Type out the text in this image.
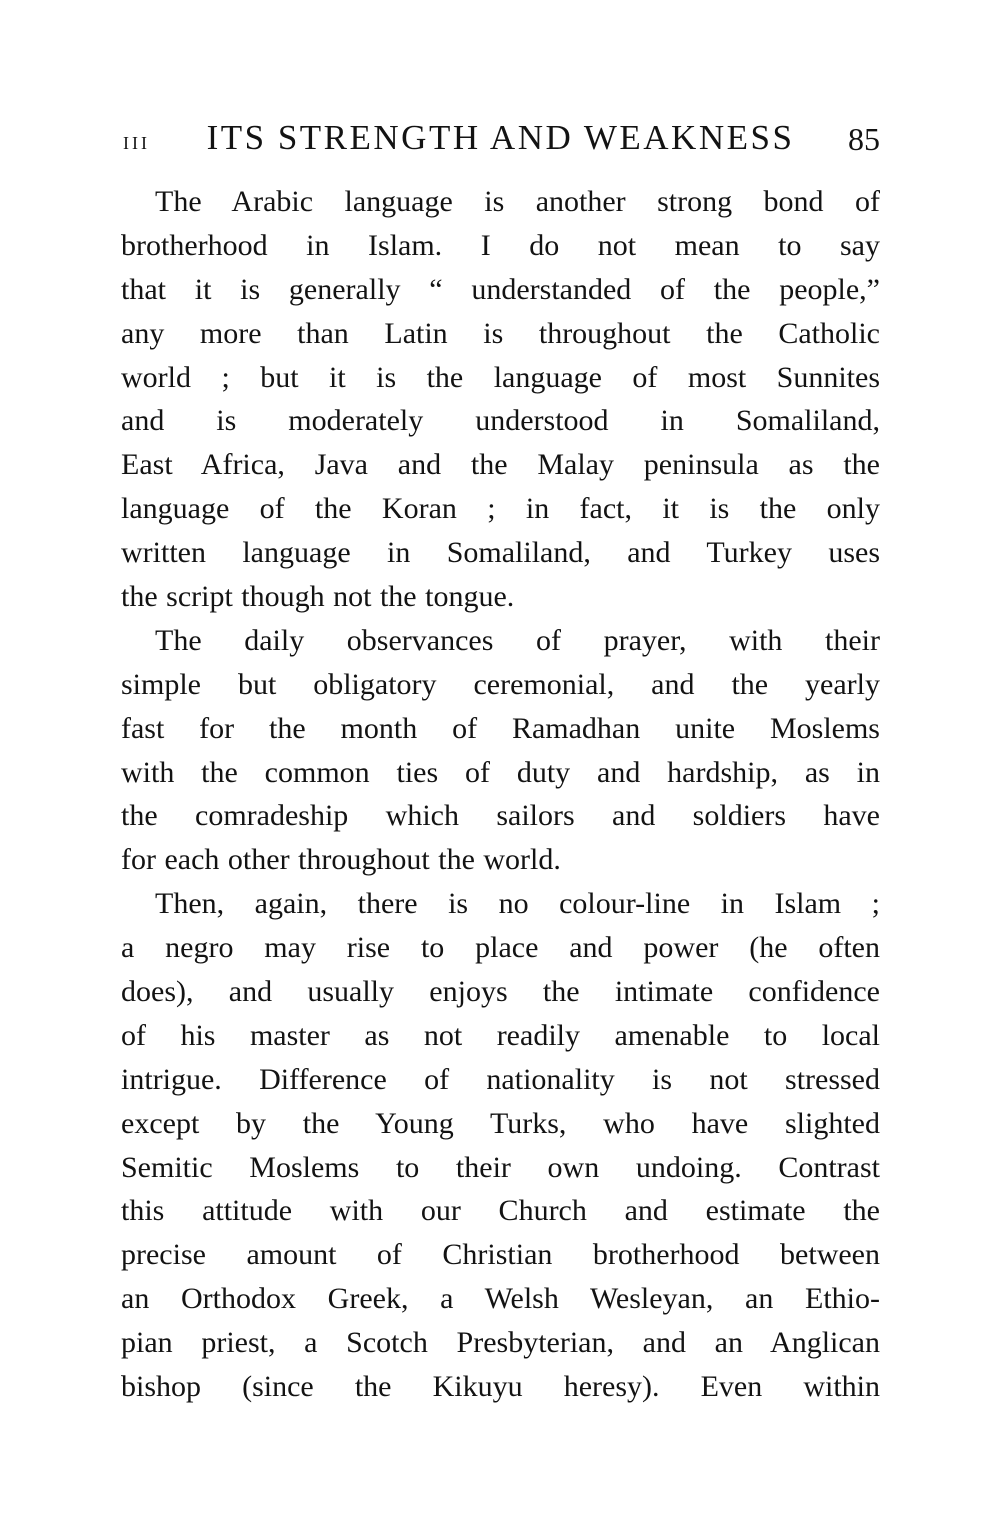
iii ITS STRENGTH AND WEAKNESS 85
The Arabic language is another strong bond of
brotherhood in Islam. I do not mean to say
that it is generally “ understanded of the people,”
any more than Latin is throughout the Catholic
world ; but it is the language of most Sunnites
and is moderately understood in Somaliland,
East Africa, Java and the Malay peninsula as the
language of the Koran ; in fact, it is the only
written language in Somaliland, and Turkey uses
the script though not the tongue.
The daily observances of prayer, with their
simple but obligatory ceremonial, and the yearly
fast for the month of Ramadhan unite Moslems
with the common ties of duty and hardship, as in
the comradeship which sailors and soldiers have
for each other throughout the world.
Then, again, there is no colour-line in Islam ;
a negro may rise to place and power (he often
does), and usually enjoys the intimate confidence
of his master as not readily amenable to local
intrigue. Difference of nationality is not stressed
except by the Young Turks, who have slighted
Semitic Moslems to their own undoing. Contrast
this attitude with our Church and estimate the
precise amount of Christian brotherhood between
an Orthodox Greek, a Welsh Wesleyan, an Ethio-
pian priest, a Scotch Presbyterian, and an Anglican
bishop (since the Kikuyu heresy). Even within
